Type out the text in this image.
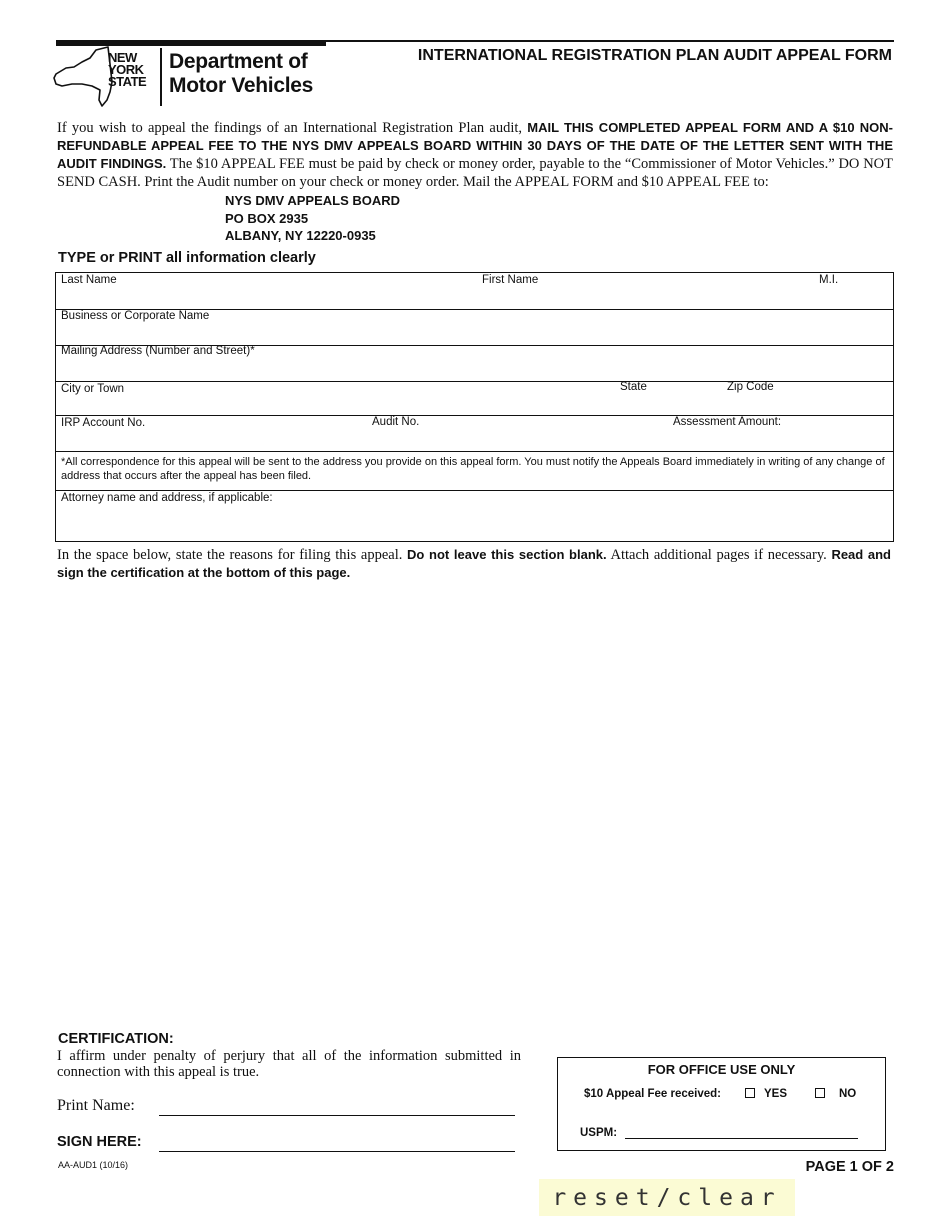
NEW YORK STATE
Department of
Motor Vehicles
INTERNATIONAL REGISTRATION PLAN AUDIT APPEAL FORM
If you wish to appeal the findings of an International Registration Plan audit, MAIL THIS COMPLETED APPEAL FORM AND A $10 NON-REFUNDABLE APPEAL FEE TO THE NYS DMV APPEALS BOARD WITHIN 30 DAYS OF THE DATE OF THE LETTER SENT WITH THE AUDIT FINDINGS. The $10 APPEAL FEE must be paid by check or money order, payable to the “Commissioner of Motor Vehicles.” DO NOT SEND CASH. Print the Audit number on your check or money order. Mail the APPEAL FORM and $10 APPEAL FEE to:
NYS DMV APPEALS BOARD
PO BOX 2935
ALBANY, NY 12220-0935
TYPE or PRINT all information clearly
Last Name	First Name	M.I.
Business or Corporate Name
Mailing Address (Number and Street)*
City or Town	State	Zip Code
IRP Account No.	Audit No.	Assessment Amount:
*All correspondence for this appeal will be sent to the address you provide on this appeal form. You must notify the Appeals Board immediately in writing of any change of address that occurs after the appeal has been filed.
Attorney name and address, if applicable:
In the space below, state the reasons for filing this appeal. Do not leave this section blank. Attach additional pages if necessary. Read and sign the certification at the bottom of this page.
CERTIFICATION:
I affirm under penalty of perjury that all of the information submitted in connection with this appeal is true.
Print Name:
SIGN HERE:
FOR OFFICE USE ONLY
$10 Appeal Fee received:	YES	NO
USPM:
AA-AUD1 (10/16)	PAGE 1 OF 2
reset/clear
